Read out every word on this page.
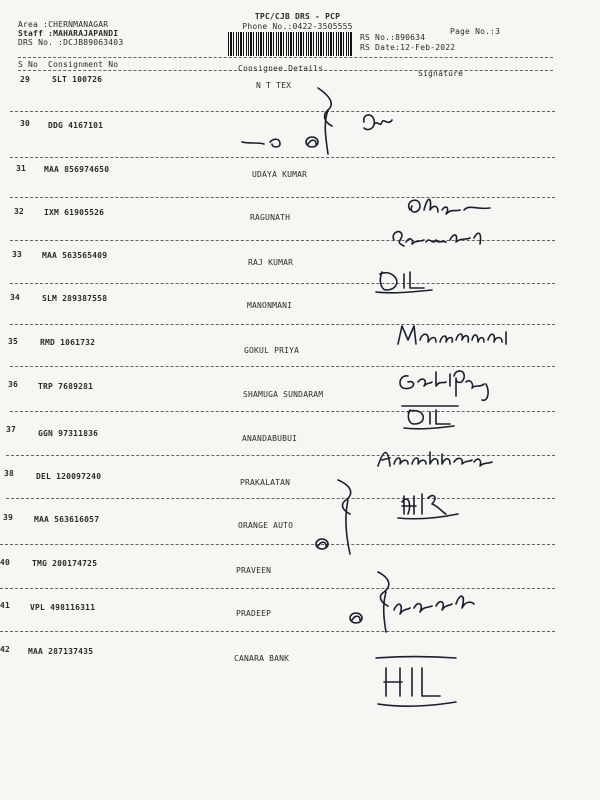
Area :CHERNMANAGAR
Staff :MAHARAJAPANDI
DRS No. :DCJB89063403
TPC/CJB DRS - PCP
Phone No.:0422-3505555
RS No.:890634
RS Date:12-Feb-2022
Page No.:3
S No Consignment No	Consignee Details
Signature
29	SLT 100726
N T TEX
30 DDG 4167101
31 MAA 856974650
UDAYA KUMAR
32 IXM 61905526
RAGUNATH
33 MAA 563565409
RAJ KUMAR
34	SLM 289387558
MANONMANI
35	RMD 1061732
GOKUL PRIYA
36 TRP 7689281
SHAMUGA SUNDARAM
37	GGN 97311836
ANANDABUBUI
38	DEL 120097240
PRAKALATAN
39	MAA 563616057
ORANGE AUTO
40	TMG 200174725
PRAVEEN
41 VPL 498116311
PRADEEP
42 MAA 287137435
CANARA BANK
